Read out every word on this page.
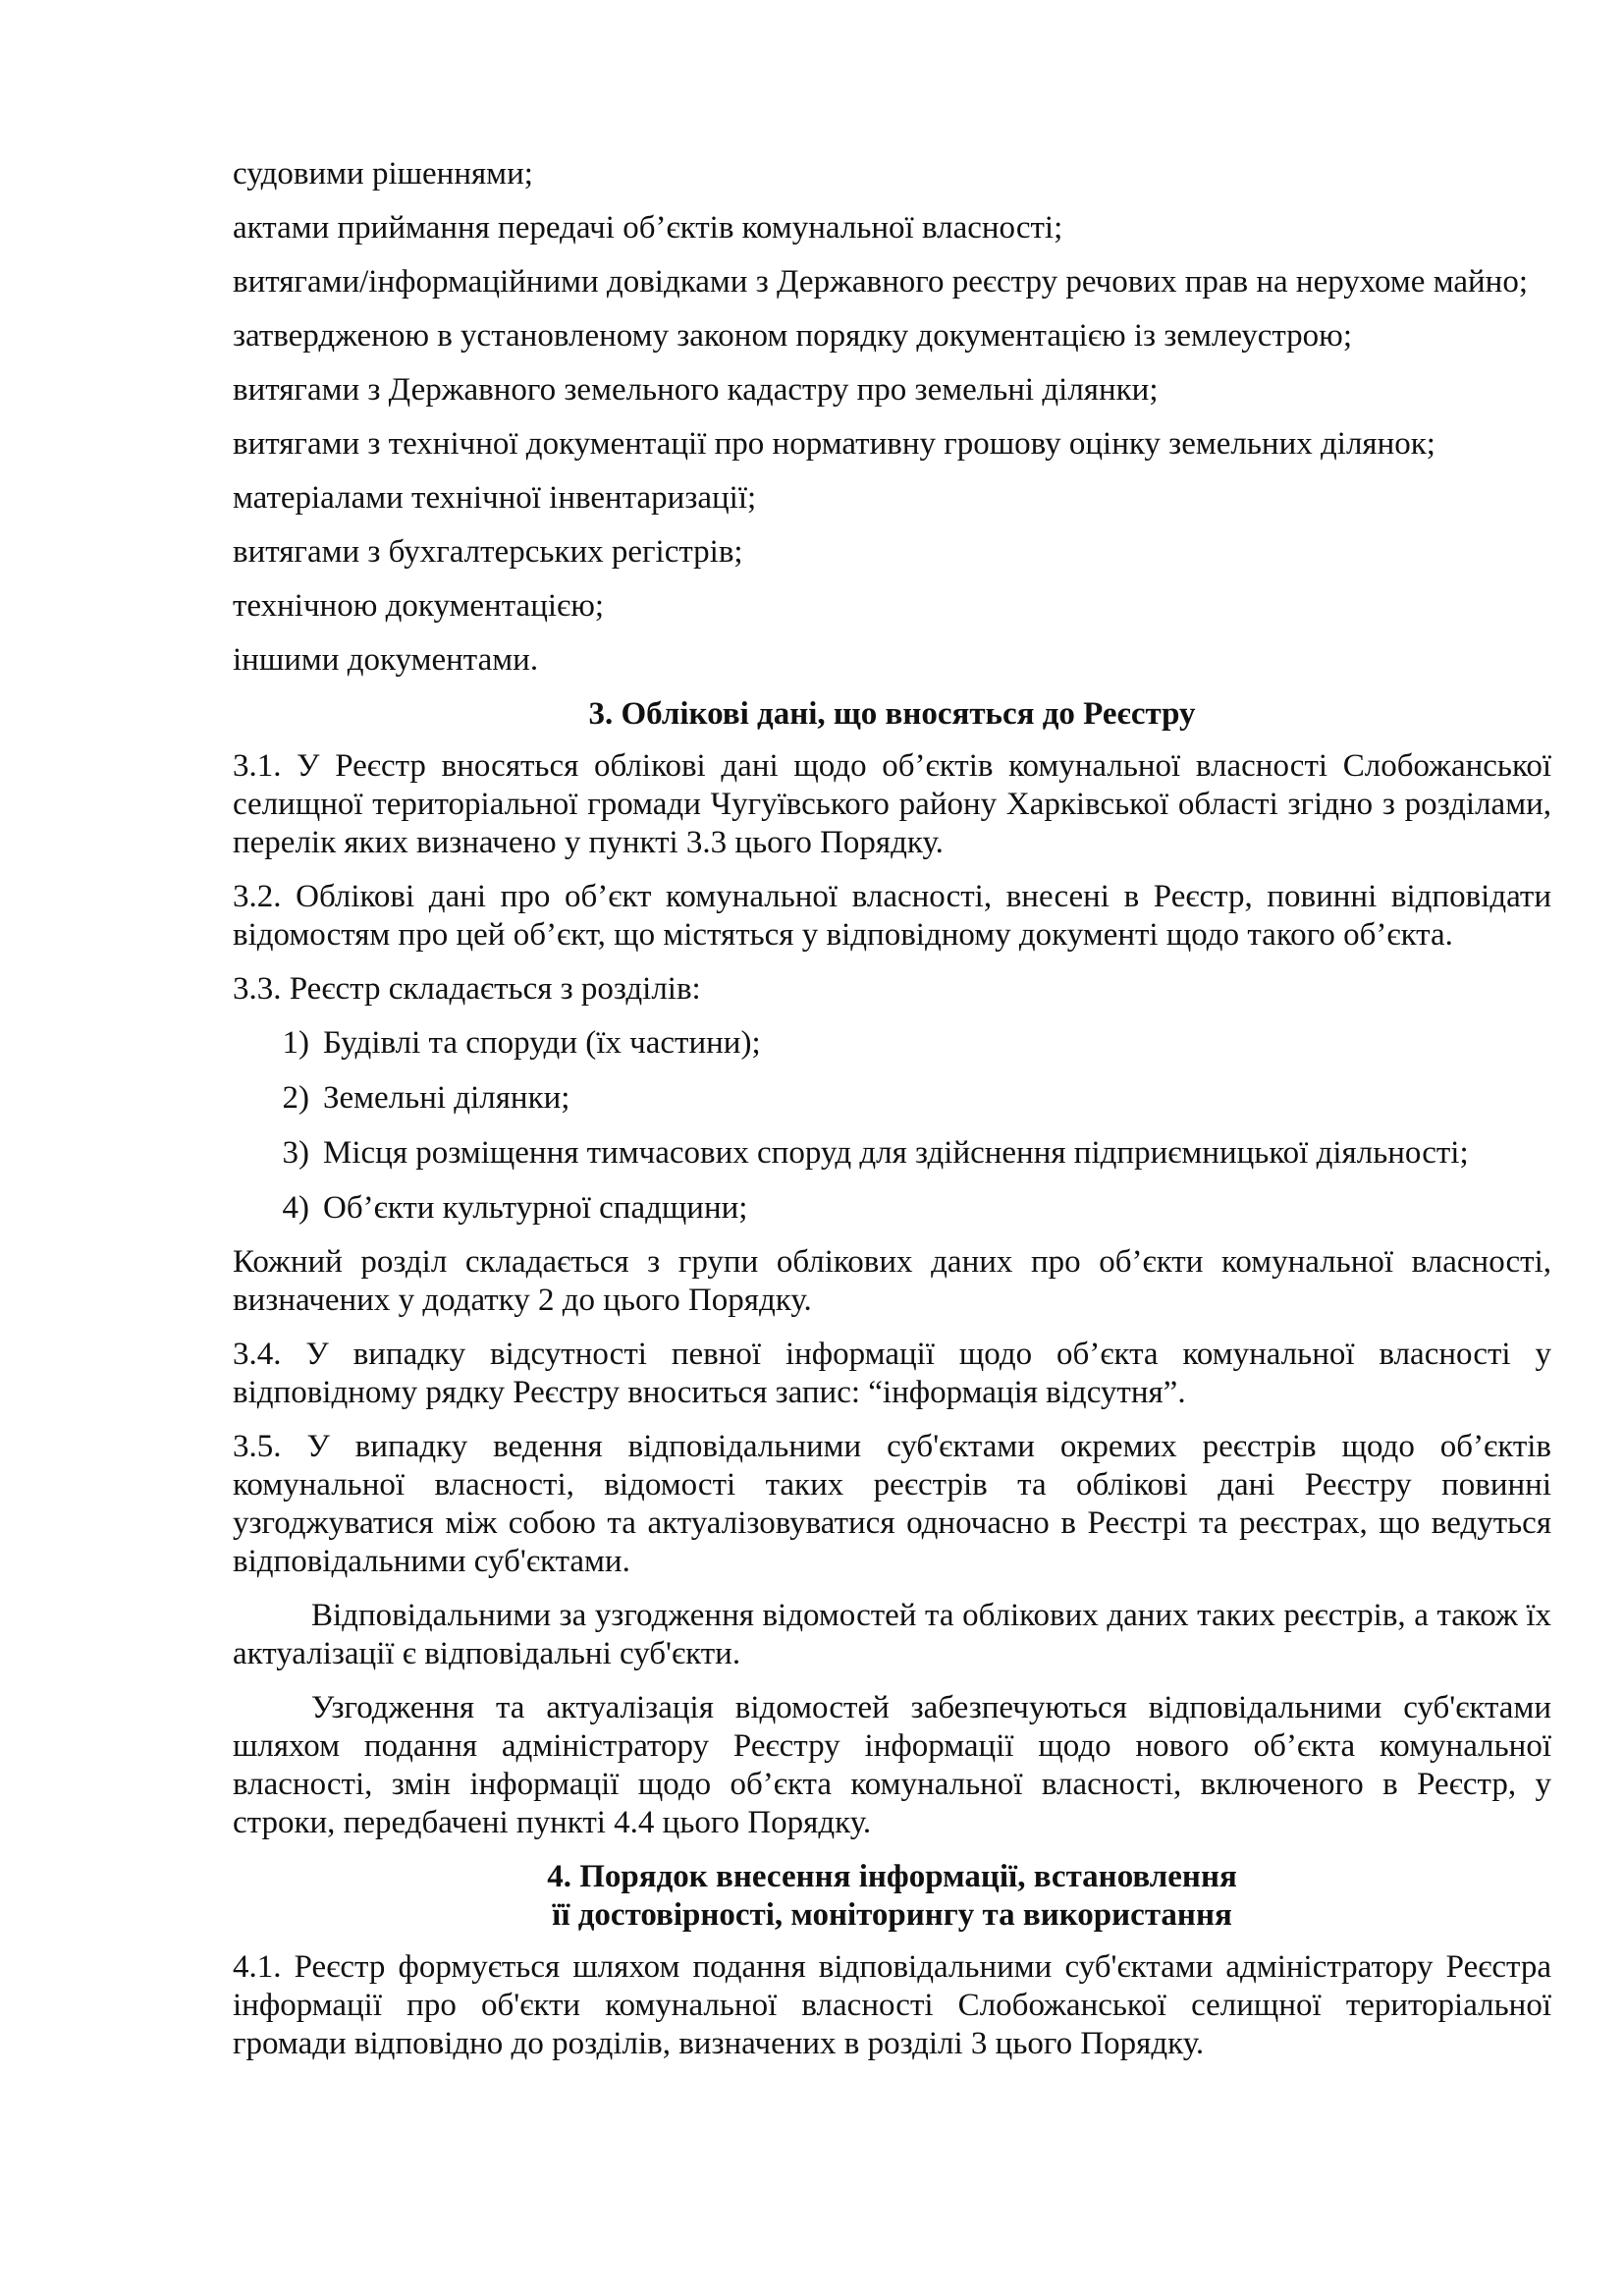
судовими рішеннями;

актами приймання передачі об’єктів комунальної власності;

витягами/інформаційними довідками з Державного реєстру речових прав на нерухоме майно;

затвердженою в установленому законом порядку документацією із землеустрою;

витягами з Державного земельного кадастру про земельні ділянки;

витягами з технічної документації про нормативну грошову оцінку земельних ділянок;

матеріалами технічної інвентаризації;

витягами з бухгалтерських регістрів;

технічною документацією;

іншими документами.

3. Облікові дані, що вносяться до Реєстру

3.1. У Реєстр вносяться облікові дані щодо об’єктів комунальної власності Слобожанської селищної територіальної громади Чугуївського району Харківської області згідно з розділами, перелік яких визначено у пункті 3.3 цього Порядку.

3.2. Облікові дані про об’єкт комунальної власності, внесені в Реєстр, повинні відповідати відомостям про цей об’єкт, що містяться у відповідному документі щодо такого об’єкта.

3.3. Реєстр складається з розділів:

1) Будівлі та споруди (їх частини);
2) Земельні ділянки;
3) Місця розміщення тимчасових споруд для здійснення підприємницької діяльності;
4) Об’єкти культурної спадщини;

Кожний розділ складається з групи облікових даних про об’єкти комунальної власності, визначених у додатку 2 до цього Порядку.

3.4. У випадку відсутності певної інформації щодо об’єкта комунальної власності у відповідному рядку Реєстру вноситься запис: “інформація відсутня”.

3.5. У випадку ведення відповідальними суб'єктами окремих реєстрів щодо об’єктів комунальної власності, відомості таких реєстрів та облікові дані Реєстру повинні узгоджуватися між собою та актуалізовуватися одночасно в Реєстрі та реєстрах, що ведуться відповідальними суб'єктами.

Відповідальними за узгодження відомостей та облікових даних таких реєстрів, а також їх актуалізації є відповідальні суб'єкти.

Узгодження та актуалізація відомостей забезпечуються відповідальними суб'єктами шляхом подання адміністратору Реєстру інформації щодо нового об’єкта комунальної власності, змін інформації щодо об’єкта комунальної власності, включеного в Реєстр, у строки, передбачені пункті 4.4 цього Порядку.

4. Порядок внесення інформації, встановлення
її достовірності, моніторингу та використання

4.1. Реєстр формується шляхом подання відповідальними суб'єктами адміністратору Реєстра інформації про об'єкти комунальної власності Слобожанської селищної територіальної громади відповідно до розділів, визначених в розділі 3 цього Порядку.
